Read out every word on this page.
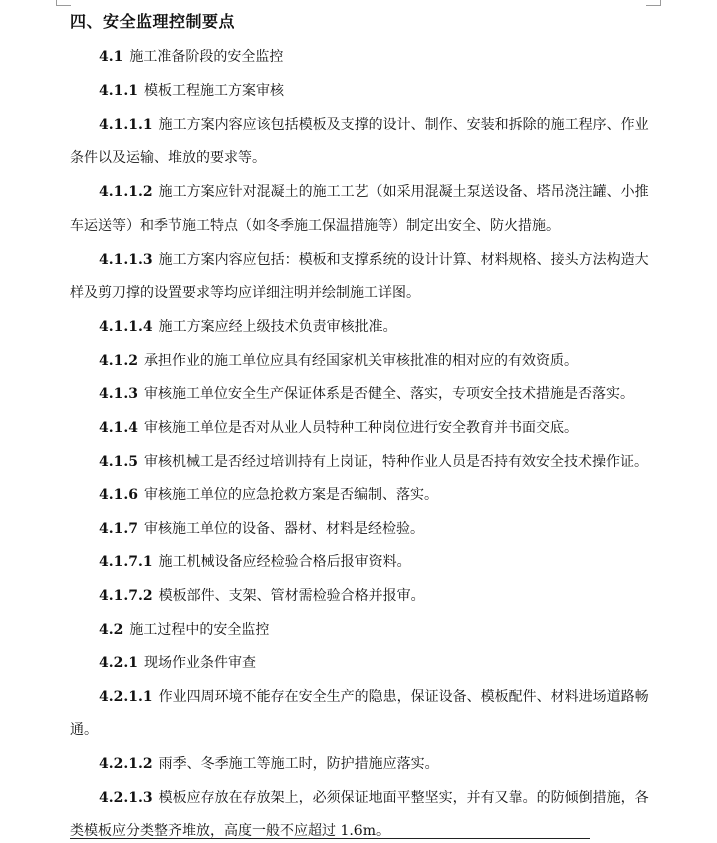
四、安全监理控制要点
4.1 施工准备阶段的安全监控
4.1.1 模板工程施工方案审核
4.1.1.1 施工方案内容应该包括模板及支撑的设计、制作、安装和拆除的施工程序、作业
条件以及运输、堆放的要求等。
4.1.1.2 施工方案应针对混凝土的施工工艺（如采用混凝土泵送设备、塔吊浇注罐、小推
车运送等）和季节施工特点（如冬季施工保温措施等）制定出安全、防火措施。
4.1.1.3 施工方案内容应包括：模板和支撑系统的设计计算、材料规格、接头方法构造大
样及剪刀撑的设置要求等均应详细注明并绘制施工详图。
4.1.1.4 施工方案应经上级技术负责审核批准。
4.1.2 承担作业的施工单位应具有经国家机关审核批准的相对应的有效资质。
4.1.3 审核施工单位安全生产保证体系是否健全、落实，专项安全技术措施是否落实。
4.1.4 审核施工单位是否对从业人员特种工种岗位进行安全教育并书面交底。
4.1.5 审核机械工是否经过培训持有上岗证，特种作业人员是否持有效安全技术操作证。
4.1.6 审核施工单位的应急抢救方案是否编制、落实。
4.1.7 审核施工单位的设备、器材、材料是经检验。
4.1.7.1 施工机械设备应经检验合格后报审资料。
4.1.7.2 模板部件、支架、管材需检验合格并报审。
4.2 施工过程中的安全监控
4.2.1 现场作业条件审查
4.2.1.1 作业四周环境不能存在安全生产的隐患，保证设备、模板配件、材料进场道路畅
通。
4.2.1.2 雨季、冬季施工等施工时，防护措施应落实。
4.2.1.3 模板应存放在存放架上，必须保证地面平整坚实，并有又靠。的防倾倒措施，各
类模板应分类整齐堆放，高度一般不应超过 1.6m。
